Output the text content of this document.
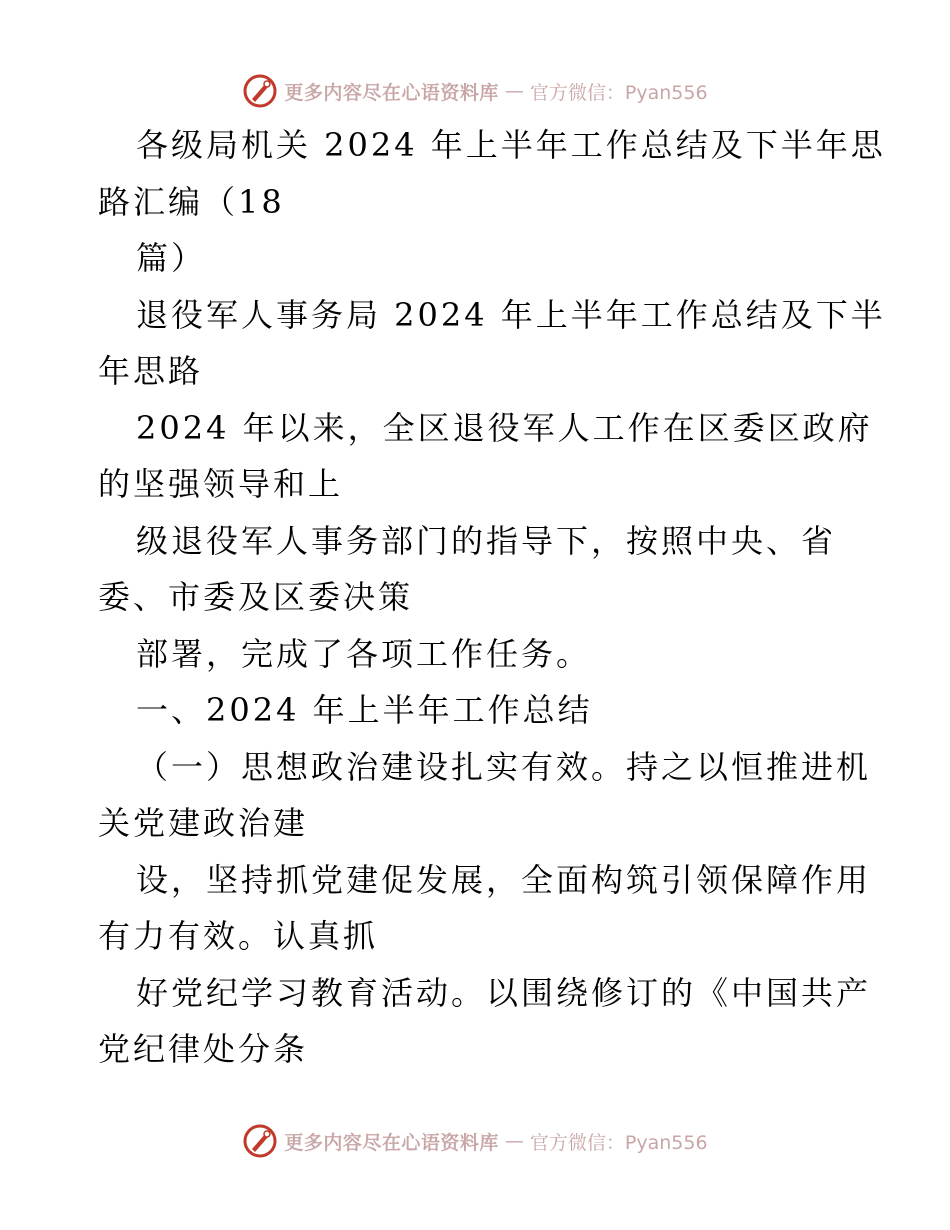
更多内容尽在心语资料库 — 官方微信：Pyan556
各级局机关 2024 年上半年工作总结及下半年思
路汇编（18
篇）
退役军人事务局 2024 年上半年工作总结及下半
年思路
2024 年以来，全区退役军人工作在区委区政府
的坚强领导和上
级退役军人事务部门的指导下，按照中央、省
委、市委及区委决策
部署，完成了各项工作任务。
一、2024 年上半年工作总结
（一）思想政治建设扎实有效。持之以恒推进机
关党建政治建
设，坚持抓党建促发展，全面构筑引领保障作用
有力有效。认真抓
好党纪学习教育活动。以围绕修订的《中国共产
党纪律处分条
更多内容尽在心语资料库 — 官方微信：Pyan556
